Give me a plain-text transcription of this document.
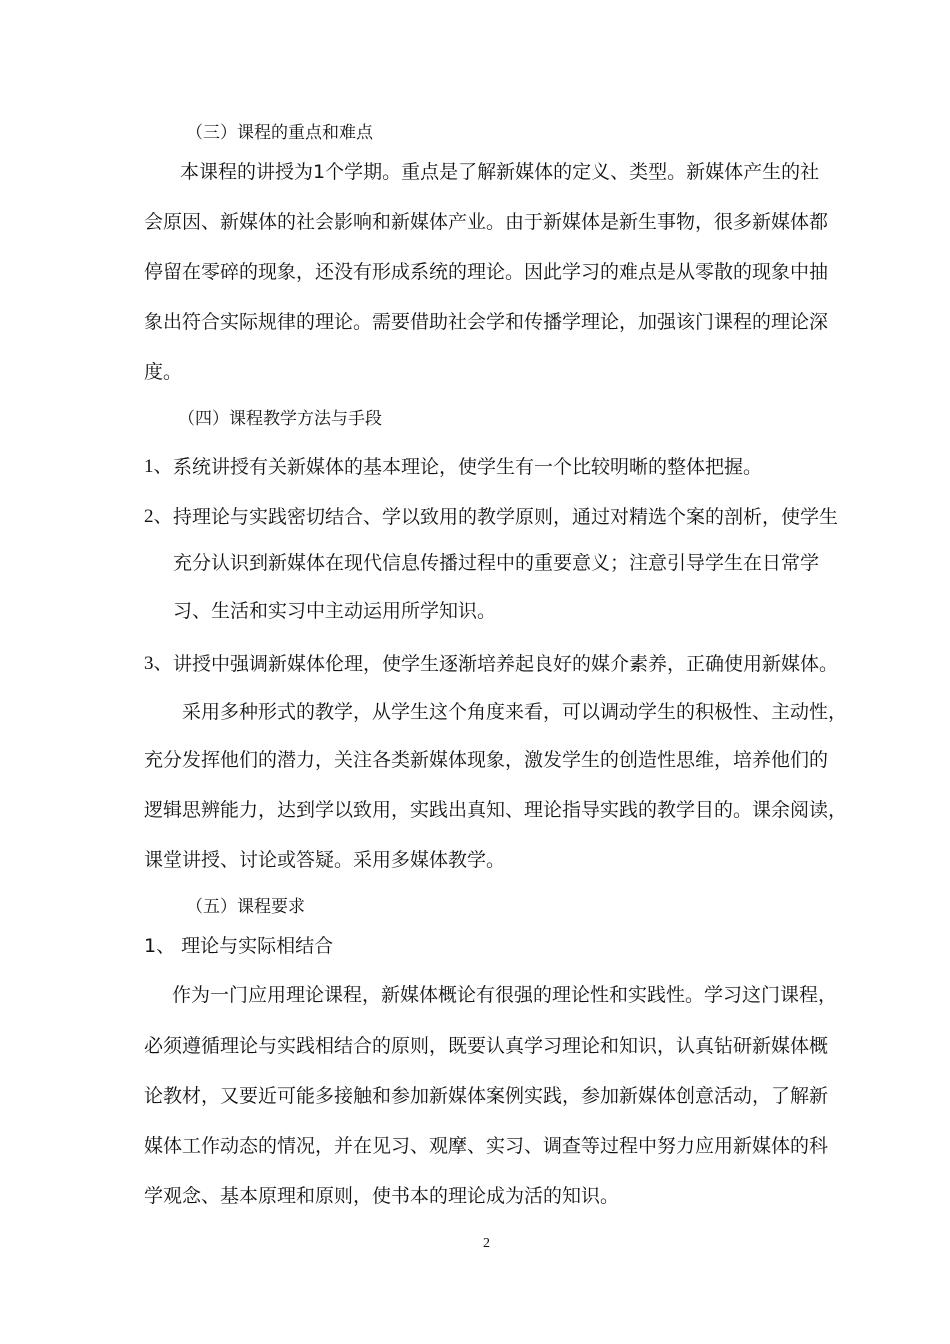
（三）课程的重点和难点
本课程的讲授为1个学期。重点是了解新媒体的定义、类型。新媒体产生的社
会原因、新媒体的社会影响和新媒体产业。由于新媒体是新生事物，很多新媒体都
停留在零碎的现象，还没有形成系统的理论。因此学习的难点是从零散的现象中抽
象出符合实际规律的理论。需要借助社会学和传播学理论，加强该门课程的理论深
度。
（四）课程教学方法与手段
1、 系统讲授有关新媒体的基本理论，使学生有一个比较明晰的整体把握。
2、 持理论与实践密切结合、学以致用的教学原则，通过对精选个案的剖析，使学生
充分认识到新媒体在现代信息传播过程中的重要意义；注意引导学生在日常学
习、生活和实习中主动运用所学知识。
3、 讲授中强调新媒体伦理，使学生逐渐培养起良好的媒介素养，正确使用新媒体。
采用多种形式的教学，从学生这个角度来看，可以调动学生的积极性、主动性，
充分发挥他们的潜力，关注各类新媒体现象，激发学生的创造性思维，培养他们的
逻辑思辨能力，达到学以致用，实践出真知、理论指导实践的教学目的。课余阅读，
课堂讲授、讨论或答疑。采用多媒体教学。
（五）课程要求
1、 理论与实际相结合
作为一门应用理论课程，新媒体概论有很强的理论性和实践性。学习这门课程，
必须遵循理论与实践相结合的原则，既要认真学习理论和知识，认真钻研新媒体概
论教材，又要近可能多接触和参加新媒体案例实践，参加新媒体创意活动，了解新
媒体工作动态的情况，并在见习、观摩、实习、调查等过程中努力应用新媒体的科
学观念、基本原理和原则，使书本的理论成为活的知识。
2
